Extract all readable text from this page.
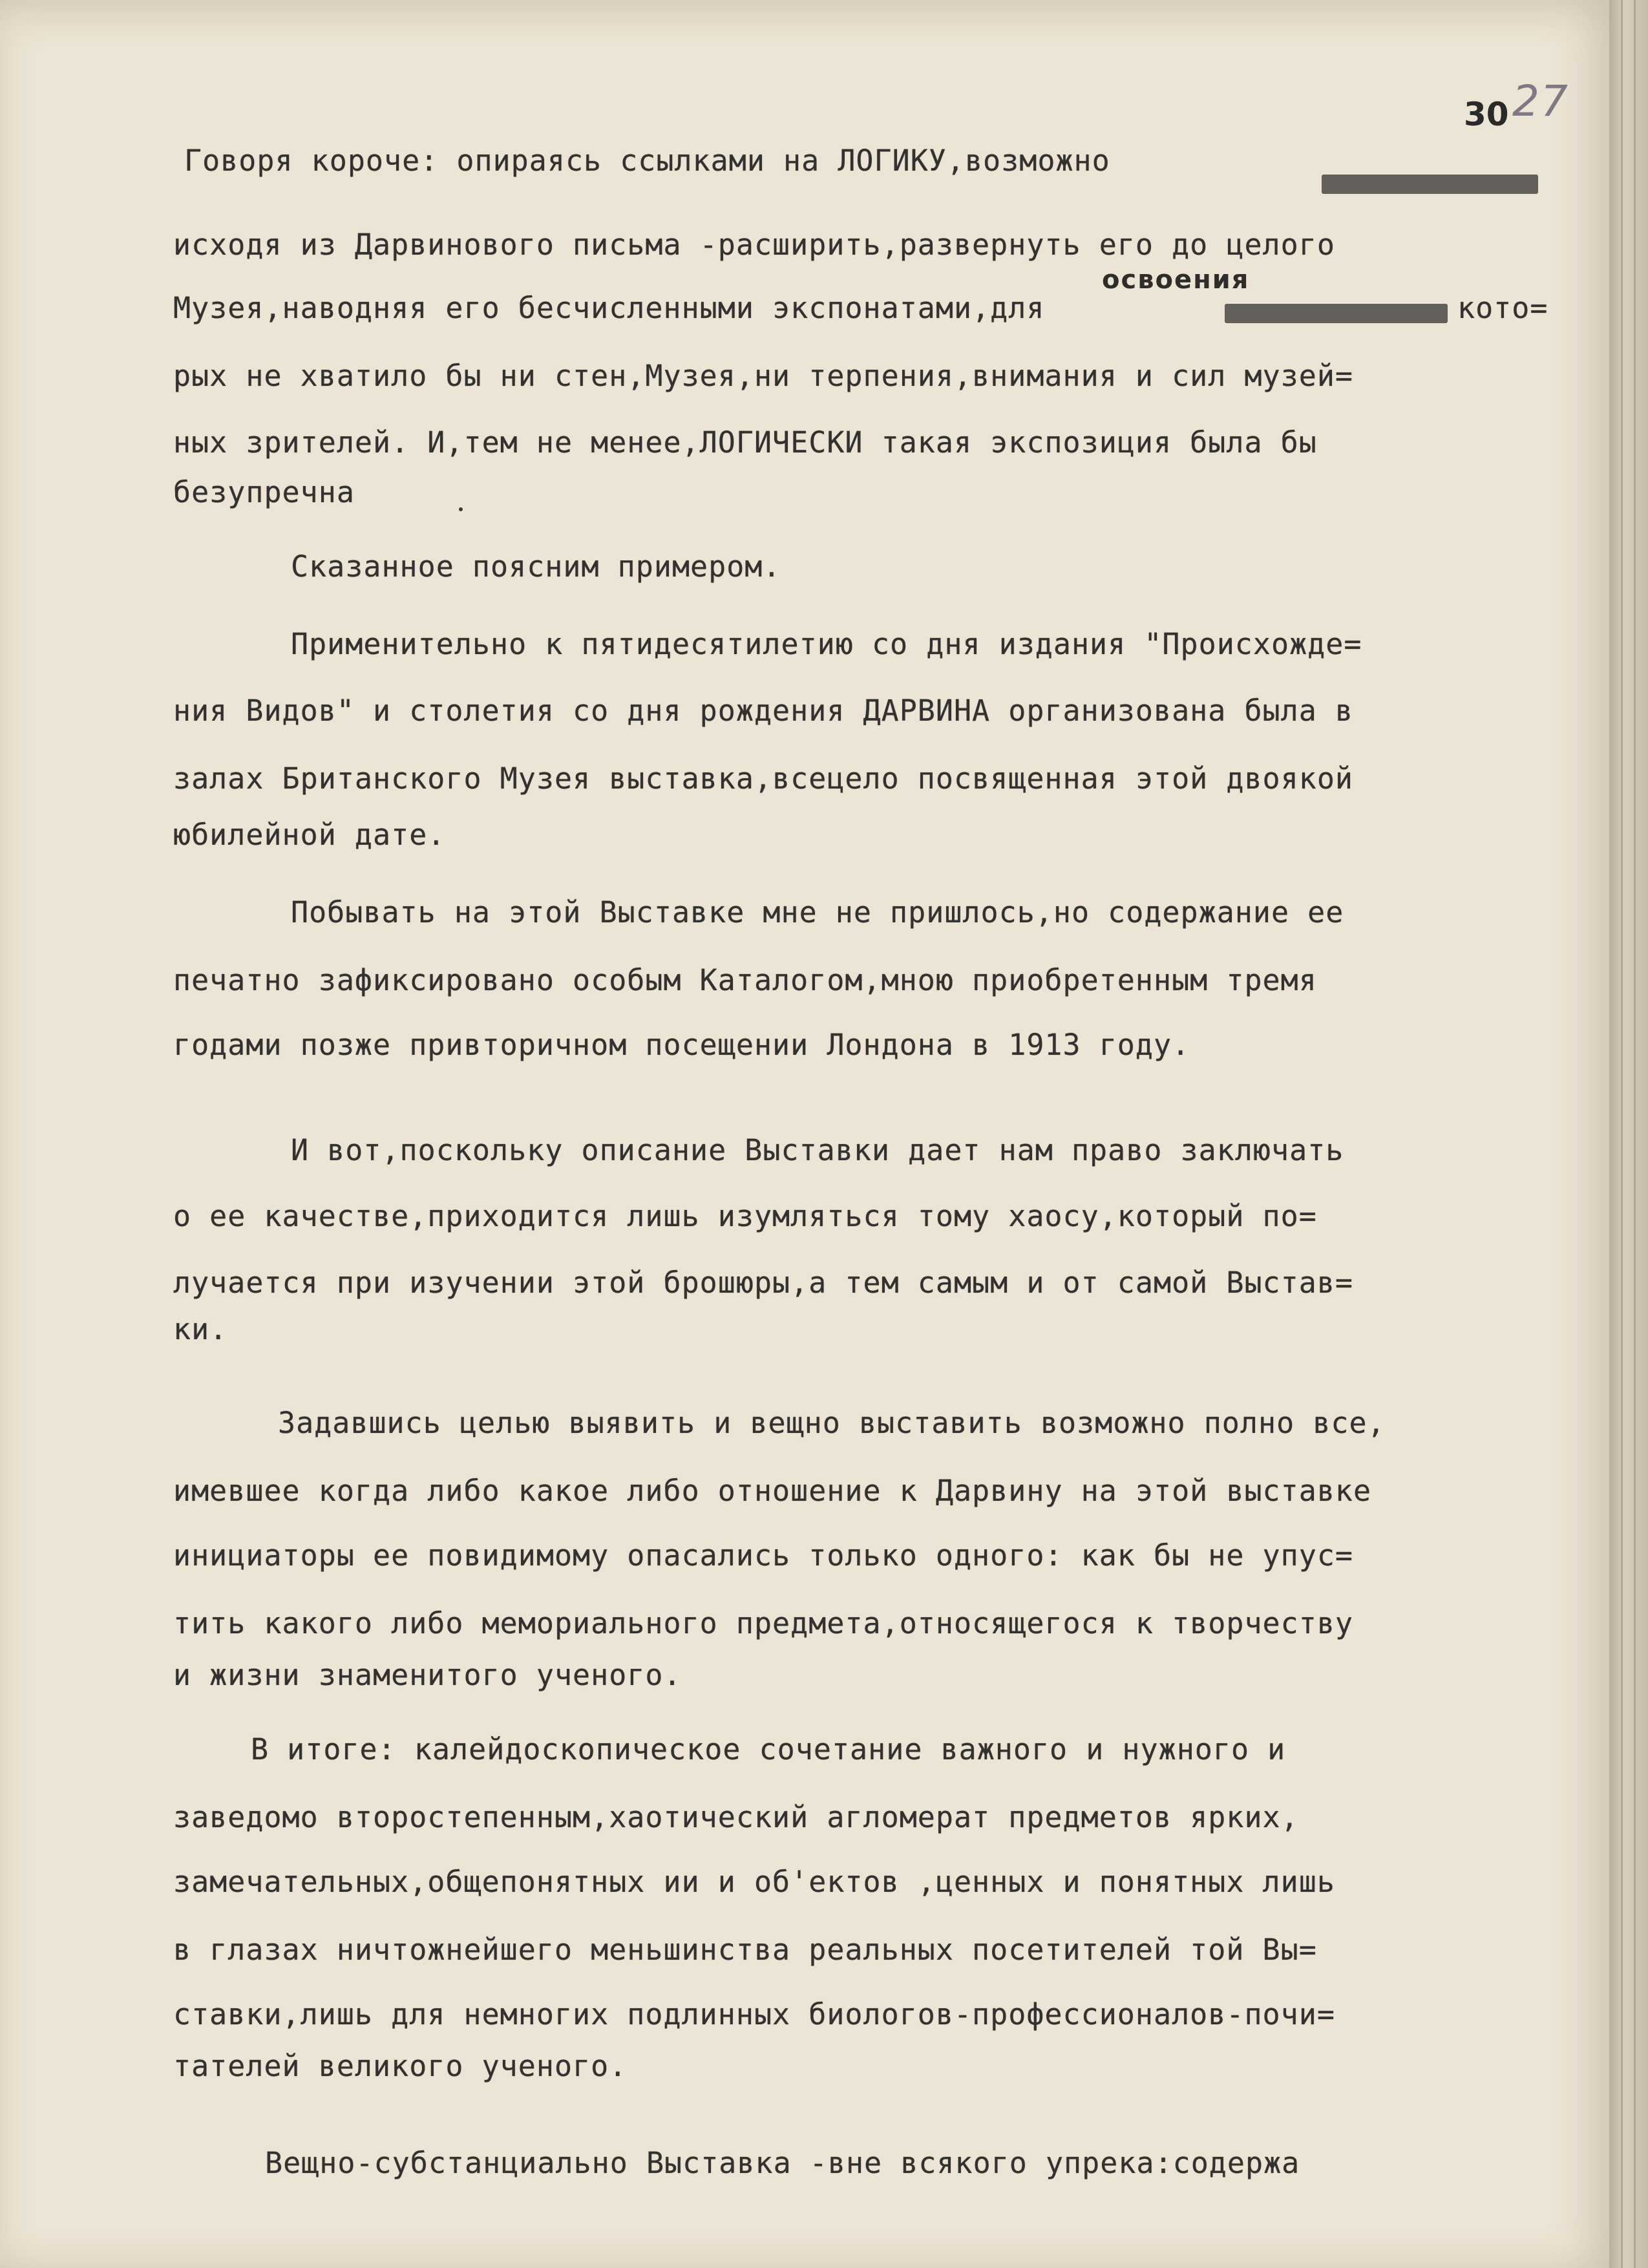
30 27
Говоря короче: опираясь ссылками на ЛОГИКУ,возможно
исходя из Дарвинового письма -расширить,развернуть его до целого
освоения
Музея,наводняя его бесчисленными экспонатами,для	кото=
рых не хватило бы ни стен,Музея,ни терпения,внимания и сил музей=
ных зрителей. И,тем не менее,ЛОГИЧЕСКИ такая экспозиция была бы
безупречна
Сказанное поясним примером.
Применительно к пятидесятилетию со дня издания "Происхожде=
ния Видов" и столетия со дня рождения ДАРВИНА организована была в
залах Британского Музея выставка,всецело посвященная этой двоякой
юбилейной дате.
Побывать на этой Выставке мне не пришлось,но содержание ее
печатно зафиксировано особым Каталогом,мною приобретенным тремя
годами позже привторичном посещении Лондона в 1913 году.
И вот,поскольку описание Выставки дает нам право заключать
о ее качестве,приходится лишь изумляться тому хаосу,который по=
лучается при изучении этой брошюры,а тем самым и от самой Выстав=
ки.
Задавшись целью выявить и вещно выставить возможно полно все,
имевшее когда либо какое либо отношение к Дарвину на этой выставке
инициаторы ее повидимому опасались только одного: как бы не упус=
тить какого либо мемориального предмета,относящегося к творчеству
и жизни знаменитого ученого.
В итоге: калейдоскопическое сочетание важного и нужного и
заведомо второстепенным,хаотический агломерат предметов ярких,
замечательных,общепонятных ии и об'ектов ,ценных и понятных лишь
в глазах ничтожнейшего меньшинства реальных посетителей той Вы=
ставки,лишь для немногих подлинных биологов-профессионалов-почи=
тателей великого ученого.
Вещно-субстанциально Выставка -вне всякого упрека:содержа
